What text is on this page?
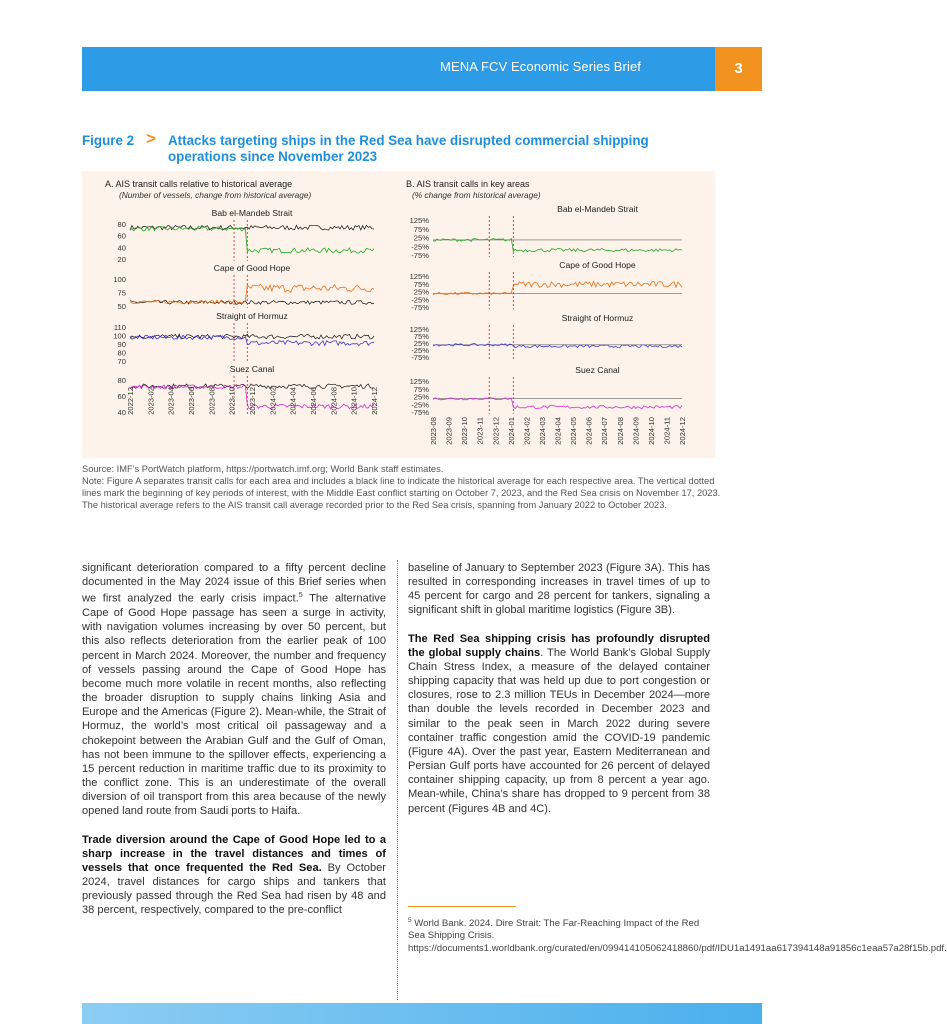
MENA FCV Economic Series Brief	3
Figure 2 > Attacks targeting ships in the Red Sea have disrupted commercial shipping operations since November 2023
A. AIS transit calls relative to historical average
(Number of vessels, change from historical average)
B. AIS transit calls in key areas
(% change from historical average)
Bab el-Mandeb Strait
80
60
40
20
Cape of Good Hope
100
75
50
Straight of Hormuz
110
100
90
80
70
Suez Canal
80
60
40 2022-12 2023-02 2023-04 2023-06 2023-08 2023-10 2023-12 2024-02 2024-04 2024-06 2024-08 2024-10 2024-12
Bab el-Mandeb Strait
125%
75%
25%
-25%
-75%
Cape of Good Hope
125%
75%
25%
-25%
-75%
Straight of Hormuz
125%
75%
25%
-25%
-75%
Suez Canal
125%
75%
25%
-25%
-75%
2023-08 2023-09 2023-10 2023-11 2023-12 2024-01 2024-02 2024-03 2024-04 2024-05 2024-06 2024-07 2024-08 2024-09 2024-10 2024-11 2024-12
Source: IMF’s PortWatch platform, https://portwatch.imf.org; World Bank staff estimates.
Note: Figure A separates transit calls for each area and includes a black line to indicate the historical average for each respective area. The vertical dotted lines mark the beginning of key periods of interest, with the Middle East conflict starting on October 7, 2023, and the Red Sea crisis on November 17, 2023. The historical average refers to the AIS transit call average recorded prior to the Red Sea crisis, spanning from January 2022 to October 2023.

significant deterioration compared to a fifty percent decline documented in the May 2024 issue of this Brief series when we first analyzed the early crisis impact.$^5$ The alternative Cape of Good Hope passage has seen a surge in activity, with navigation volumes increasing by over 50 percent, but this also reflects deterioration from the earlier peak of 100 percent in March 2024. Moreover, the number and frequency of vessels passing around the Cape of Good Hope has become much more volatile in recent months, also reflecting the broader disruption to supply chains linking Asia and Europe and the Americas (Figure 2). Mean-while, the Strait of Hormuz, the world’s most critical oil passageway and a chokepoint between the Arabian Gulf and the Gulf of Oman, has not been immune to the spillover effects, experiencing a 15 percent reduction in maritime traffic due to its proximity to the conflict zone. This is an underestimate of the overall diversion of oil transport from this area because of the newly opened land route from Saudi ports to Haifa.

Trade diversion around the Cape of Good Hope led to a sharp increase in the travel distances and times of vessels that once frequented the Red Sea. By October 2024, travel distances for cargo ships and tankers that previously passed through the Red Sea had risen by 48 and 38 percent, respectively, compared to the pre-conflict

baseline of January to September 2023 (Figure 3A). This has resulted in corresponding increases in travel times of up to 45 percent for cargo and 28 percent for tankers, signaling a significant shift in global maritime logistics (Figure 3B).

The Red Sea shipping crisis has profoundly disrupted the global supply chains. The World Bank’s Global Supply Chain Stress Index, a measure of the delayed container shipping capacity that was held up due to port congestion or closures, rose to 2.3 million TEUs in December 2024—more than double the levels recorded in December 2023 and similar to the peak seen in March 2022 during severe container traffic congestion amid the COVID-19 pandemic (Figure 4A). Over the past year, Eastern Mediterranean and Persian Gulf ports have accounted for 26 percent of delayed container shipping capacity, up from 8 percent a year ago. Mean-while, China’s share has dropped to 9 percent from 38 percent (Figures 4B and 4C).

$^5$ World Bank. 2024. Dire Strait: The Far-Reaching Impact of the Red Sea Shipping Crisis. https://documents1.worldbank.org/curated/en/099414105062418860/pdf/IDU1a1491aa617394148a91856c1eaa57a28f15b.pdf.
